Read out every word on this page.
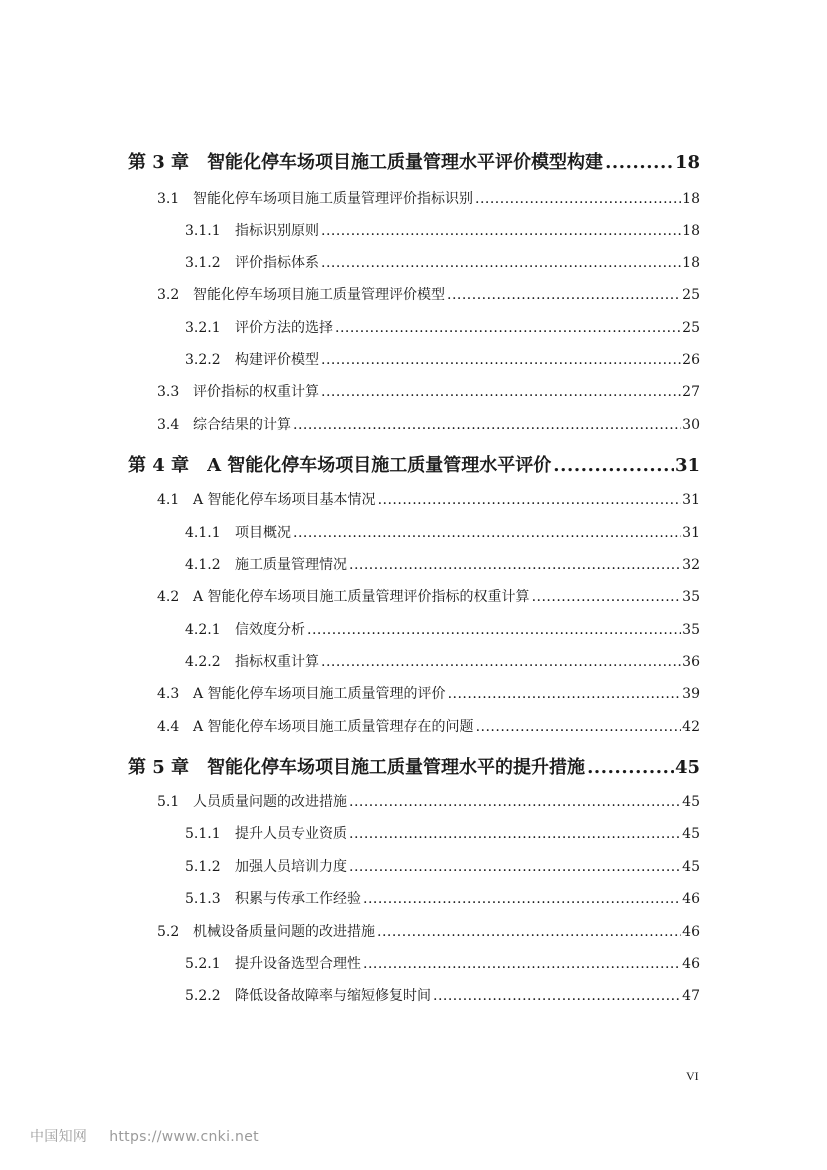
第 3 章	智能化停车场项目施工质量管理水平评价模型构建 .....	18
3.1 智能化停车场项目施工质量管理评价指标识别 .....	18
3.1.1	指标识别原则 .....	18
3.1.2	评价指标体系 .....	18
3.2 智能化停车场项目施工质量管理评价模型 .....	25
3.2.1	评价方法的选择 .....	25
3.2.2	构建评价模型 .....	26
3.3 评价指标的权重计算 .....	27
3.4 综合结果的计算 .....	30
第 4 章	A 智能化停车场项目施工质量管理水平评价 .....	31
4.1 A 智能化停车场项目基本情况 .....	31
4.1.1	项目概况 .....	31
4.1.2	施工质量管理情况 .....	32
4.2 A 智能化停车场项目施工质量管理评价指标的权重计算 .....	35
4.2.1	信效度分析 .....	35
4.2.2	指标权重计算 .....	36
4.3 A 智能化停车场项目施工质量管理的评价 .....	39
4.4 A 智能化停车场项目施工质量管理存在的问题 .....	42
第 5 章	智能化停车场项目施工质量管理水平的提升措施 .....	45
5.1 人员质量问题的改进措施 .....	45
5.1.1	提升人员专业资质 .....	45
5.1.2	加强人员培训力度 .....	45
5.1.3	积累与传承工作经验 .....	46
5.2 机械设备质量问题的改进措施 .....	46
5.2.1	提升设备选型合理性 .....	46
5.2.2	降低设备故障率与缩短修复时间 .....	47
VI
中国知网 https://www.cnki.net
